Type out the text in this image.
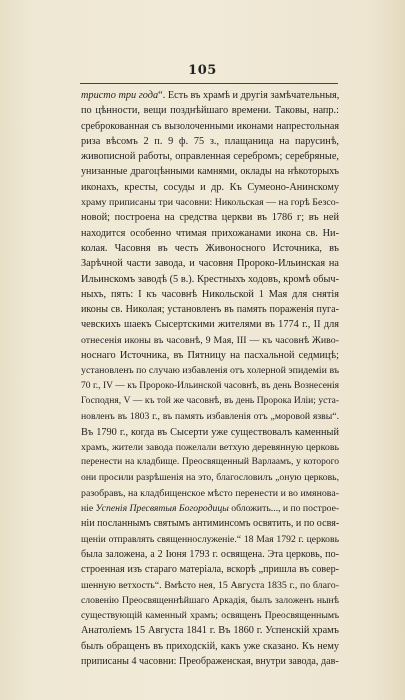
105
тристо три года“. Есть въ храмѣ и другія замѣчательныя,
по цѣнности, вещи позднѣйшаго времени. Таковы, напр.:
среброкованная съ вызолоченными иконами напрестольная
риза вѣсомъ 2 п. 9 ф. 75 з., плащаница на парусинѣ,
живописной работы, оправленная серебромъ; серебряные,
унизанные драгоцѣнными камнями, оклады на нѣкоторыхъ
иконахъ, кресты, сосуды и др. Къ Сумеоно-Анинскому
храму приписаны три часовни: Никольская — на горѣ Безсо-
новой; построена на средства церкви въ 1786 г; въ ней
находится особенно чтимая прихожанами икона св. Ни-
колая. Часовня въ честь Живоносного Источника, въ
Зарѣчной части завода, и часовня Пророко-Ильинская на
Ильинскомъ заводѣ (5 в.). Крестныхъ ходовъ, кромѣ обыч-
ныхъ, пять: I къ часовнѣ Никольской 1 Мая для снятія
иконы св. Николая; установленъ въ память пораженія пуга-
чевскихъ шаекъ Сысертскими жителями въ 1774 г., II для
отнесенія иконы въ часовнѣ, 9 Мая, III — къ часовнѣ Живо-
носнаго Источника, въ Пятницу на пасхальной седмицѣ;
установленъ по случаю избавленія отъ холерной эпидеміи въ
70 г., IV — къ Пророко-Ильинской часовнѣ, въ день Вознесенія
Господня, V — къ той же часовнѣ, въ день Пророка Иліи; уста-
новленъ въ 1803 г., въ память избавленія отъ „моровой язвы“.
Въ 1790 г., когда въ Сысерти уже существовалъ каменный
храмъ, жители завода пожелали ветхую деревянную церковь
перенести на кладбище. Преосвященный Варлаамъ, у которого
они просили разрѣшенія на это, благословилъ „оную церковь,
разобравъ, на кладбищенское мѣсто перенести и во имянова-
ніе Успенія Пресвятыя Богородицы обложить..., и по построе-
ніи посланнымъ святымъ антиминсомъ освятить, и по освя-
щеніи отправлять священнослуженіе.“ 18 Мая 1792 г. церковь
была заложена, а 2 Іюня 1793 г. освящена. Эта церковь, по-
строенная изъ стараго матеріала, вскорѣ „пришла въ совер-
шенную ветхость“. Вмѣсто нея, 15 Августа 1835 г., по благо-
словенію Преосвященнѣйшаго Аркадія, былъ заложенъ нынѣ
существующій каменный храмъ; освященъ Преосвященнымъ
Анатоліемъ 15 Августа 1841 г. Въ 1860 г. Успенскій храмъ
былъ обращенъ въ приходскій, какъ уже сказано. Къ нему
приписаны 4 часовни: Преображенская, внутри завода, дав-
